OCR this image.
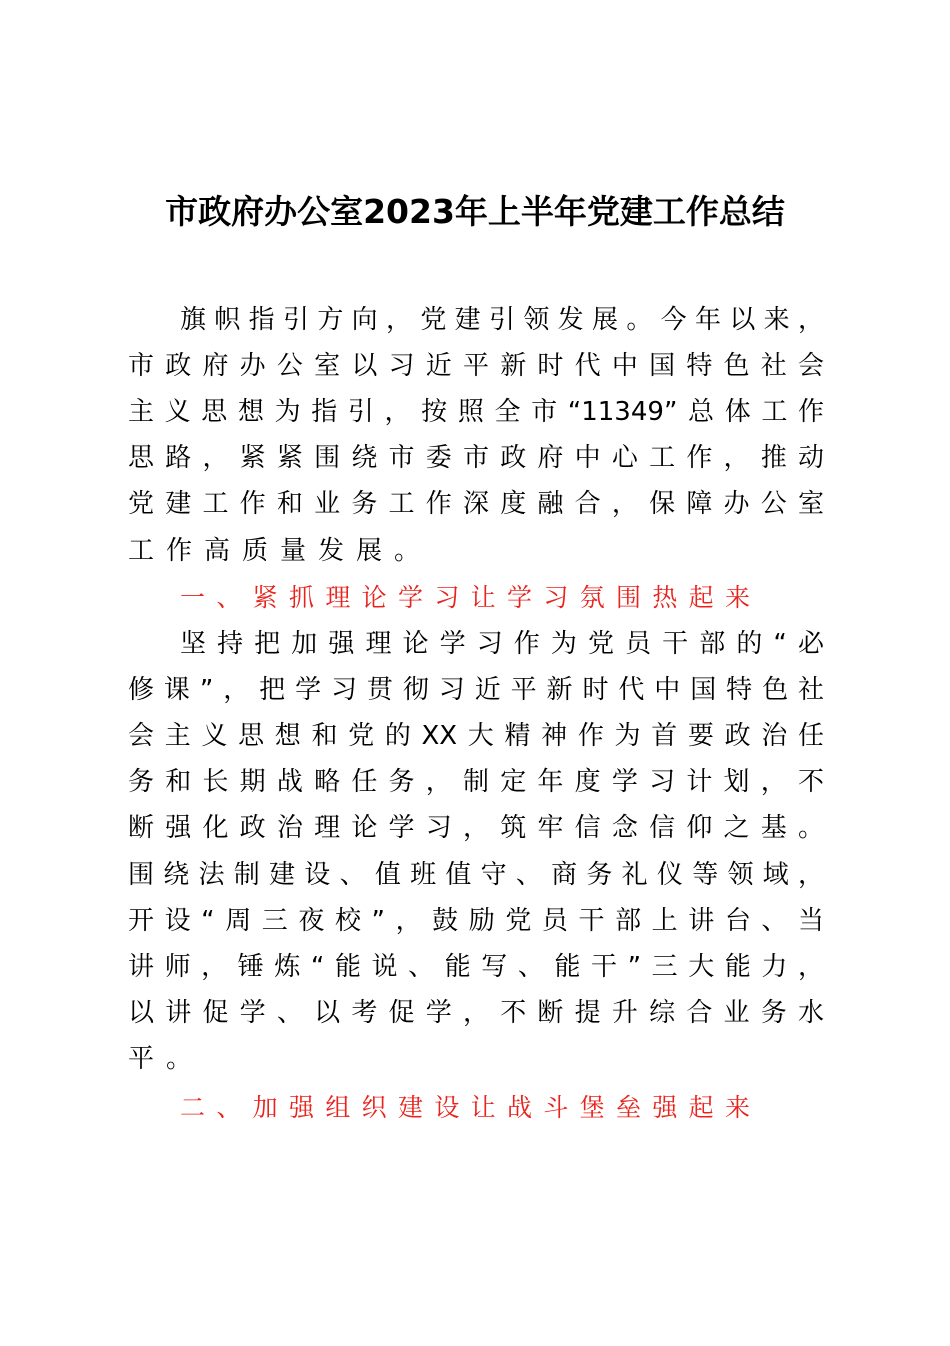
市政府办公室2023年上半年党建工作总结
旗帜指引方向，党建引领发展。今年以来，
市政府办公室以习近平新时代中国特色社会
主义思想为指引，按照全市“11349”总体工作
思路，紧紧围绕市委市政府中心工作，推动
党建工作和业务工作深度融合，保障办公室
工作高质量发展。
一、紧抓理论学习让学习氛围热起来
坚持把加强理论学习作为党员干部的“必
修课”，把学习贯彻习近平新时代中国特色社
会主义思想和党的XX大精神作为首要政治任
务和长期战略任务，制定年度学习计划，不
断强化政治理论学习，筑牢信念信仰之基。
围绕法制建设、值班值守、商务礼仪等领域，
开设“周三夜校”，鼓励党员干部上讲台、当
讲师，锤炼“能说、能写、能干”三大能力，
以讲促学、以考促学，不断提升综合业务水
平。
二、加强组织建设让战斗堡垒强起来
